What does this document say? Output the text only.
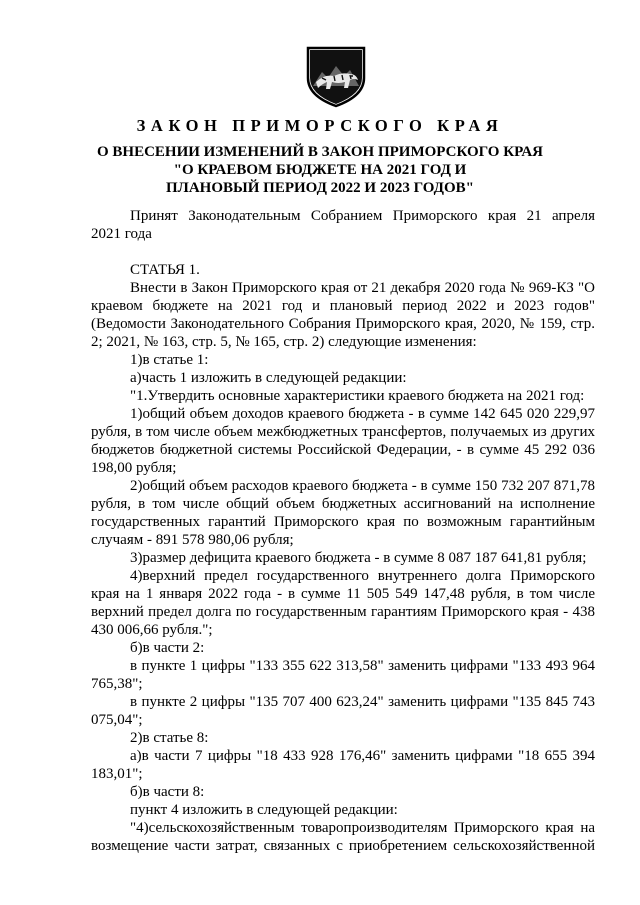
ЗАКОН ПРИМОРСКОГО КРАЯ
О ВНЕСЕНИИ ИЗМЕНЕНИЙ В ЗАКОН ПРИМОРСКОГО КРАЯ
"О КРАЕВОМ БЮДЖЕТЕ НА 2021 ГОД И
ПЛАНОВЫЙ ПЕРИОД 2022 И 2023 ГОДОВ"

Принят Законодательным Собранием Приморского края 21 апреля

2021 года

СТАТЬЯ 1.

Внести в Закон Приморского края от 21 декабря 2020 года № 969-КЗ "О краевом бюджете на 2021 год и плановый период 2022 и 2023 годов" (Ведомости Законодательного Собрания Приморского края, 2020, № 159, стр. 2; 2021, № 163, стр. 5, № 165, стр. 2) следующие изменения:

1)в статье 1:

а)часть 1 изложить в следующей редакции:

"1.Утвердить основные характеристики краевого бюджета на 2021 год:

1)общий объем доходов краевого бюджета - в сумме 142 645 020 229,97 рубля, в том числе объем межбюджетных трансфертов, получаемых из других бюджетов бюджетной системы Российской Федерации, - в сумме 45 292 036 198,00 рубля;

2)общий объем расходов краевого бюджета - в сумме 150 732 207 871,78 рубля, в том числе общий объем бюджетных ассигнований на исполнение государственных гарантий Приморского края по возможным гарантийным случаям - 891 578 980,06 рубля;

3)размер дефицита краевого бюджета - в сумме 8 087 187 641,81 рубля;

4)верхний предел государственного внутреннего долга Приморского края на 1 января 2022 года - в сумме 11 505 549 147,48 рубля, в том числе верхний предел долга по государственным гарантиям Приморского края - 438 430 006,66 рубля.";

б)в части 2:

в пункте 1 цифры "133 355 622 313,58" заменить цифрами "133 493 964 765,38";

в пункте 2 цифры "135 707 400 623,24" заменить цифрами "135 845 743 075,04";

2)в статье 8:

а)в части 7 цифры "18 433 928 176,46" заменить цифрами "18 655 394 183,01";

б)в части 8:

пункт 4 изложить в следующей редакции:

"4)сельскохозяйственным товаропроизводителям Приморского края на

возмещение части затрат, связанных с приобретением сельскохозяйственной
